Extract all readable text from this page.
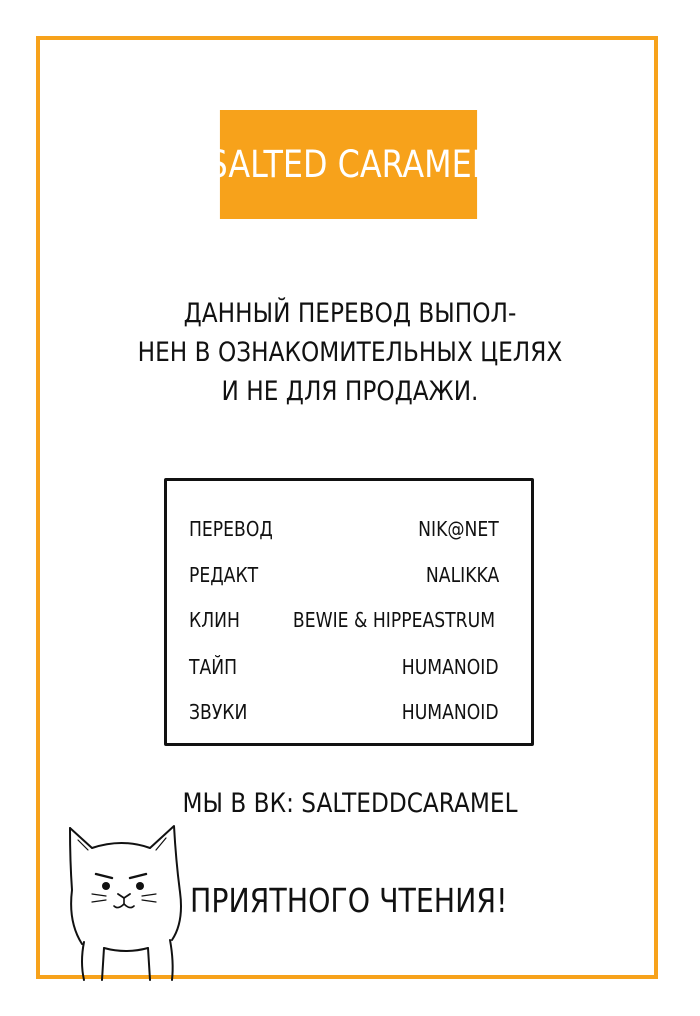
SALTED CARAMEL
ДАННЫЙ ПЕРЕВОД ВЫПОЛ-
НЕН В ОЗНАКОМИТЕЛЬНЫХ ЦЕЛЯХ
И НЕ ДЛЯ ПРОДАЖИ.
ПЕРЕВОД	NIK@NET
РЕДАКТ	NALIKKA
КЛИН	BEWIE & HIPPEASTRUM
ТАЙП	HUMANOID
ЗВУКИ	HUMANOID
МЫ В ВК: SALTEDDCARAMEL
ПРИЯТНОГО ЧТЕНИЯ!
